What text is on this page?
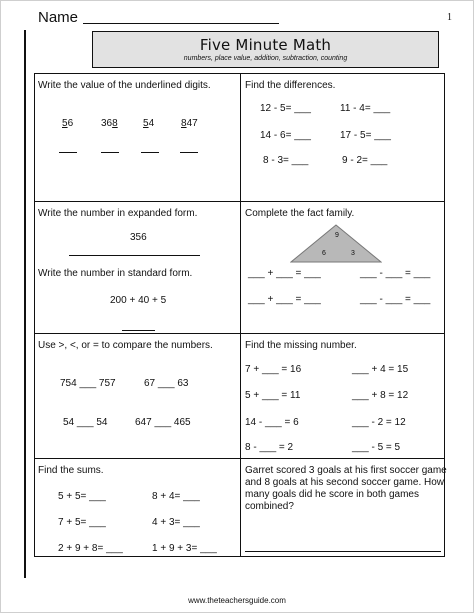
Name	1
Five Minute Math
numbers, place value, addition, subtraction, counting
Write the value of the underlined digits.
56	368	54	847
Find the differences.
12 - 5= ___	11 - 4= ___
14 - 6= ___	17 - 5= ___
8 - 3= ___	9 - 2= ___
Write the number in expanded form.
356
Write the number in standard form.
200 + 40 + 5
Complete the fact family.
9
6	3
___ + ___ = ___	___ - ___ = ___
___ + ___ = ___	___ - ___ = ___
Use >, <, or = to compare the numbers.
754 ___ 757	67 ___ 63
54 ___ 54	647 ___ 465
Find the missing number.
7 + ___ = 16	___ + 4 = 15
5 + ___ = 11	___ + 8 = 12
14 - ___ = 6	___ - 2 = 12
8 - ___ = 2	___ - 5 = 5
Find the sums.
5 + 5= ___	8 + 4= ___
7 + 5= ___	4 + 3= ___
2 + 9 + 8= ___	1 + 9 + 3= ___
Garret scored 3 goals at his first soccer game
and 8 goals at his second soccer game. How
many goals did he score in both games
combined?
www.theteachersguide.com
